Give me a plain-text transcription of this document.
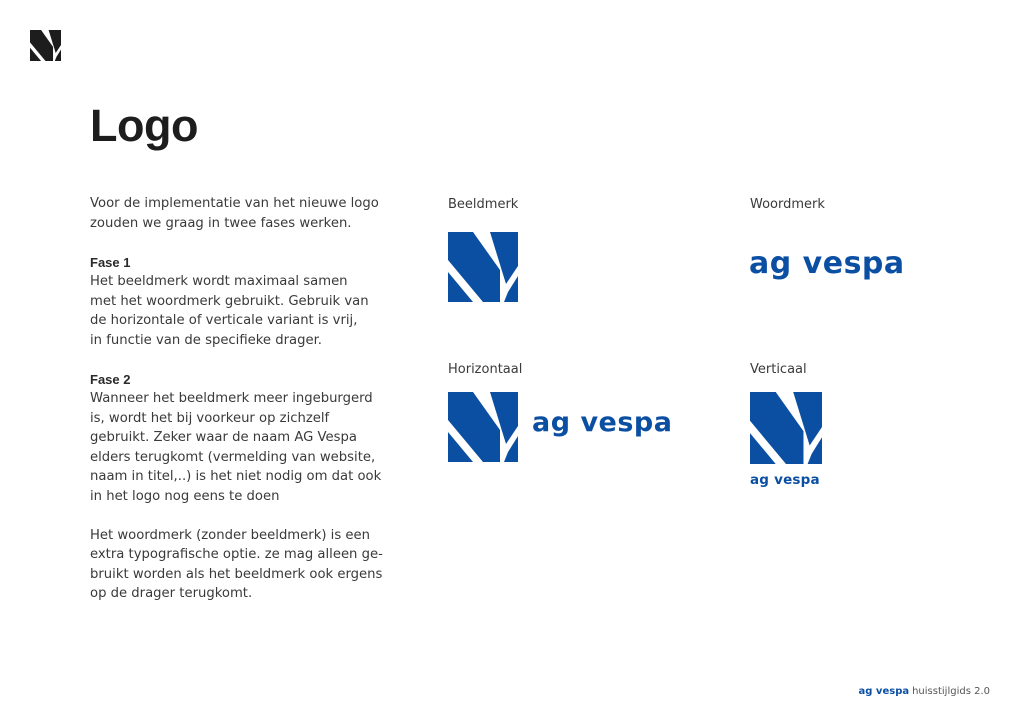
Logo

Voor de implementatie van het nieuwe logo

zouden we graag in twee fases werken.

Fase 1

Het beeldmerk wordt maximaal samen

met het woordmerk gebruikt. Gebruik van

de horizontale of verticale variant is vrij,

in functie van de specifieke drager.

Fase 2

Wanneer het beeldmerk meer ingeburgerd

is, wordt het bij voorkeur op zichzelf

gebruikt. Zeker waar de naam AG Vespa

elders terugkomt (vermelding van website,

naam in titel,..) is het niet nodig om dat ook

in het logo nog eens te doen

Het woordmerk (zonder beeldmerk) is een

extra typografische optie. ze mag alleen ge-

bruikt worden als het beeldmerk ook ergens

op de drager terugkomt.

Beeldmerk	Woordmerk
ag vespa
Horizontaal
ag vespa
Verticaal
ag vespa
ag vespa huisstijlgids 2.0
